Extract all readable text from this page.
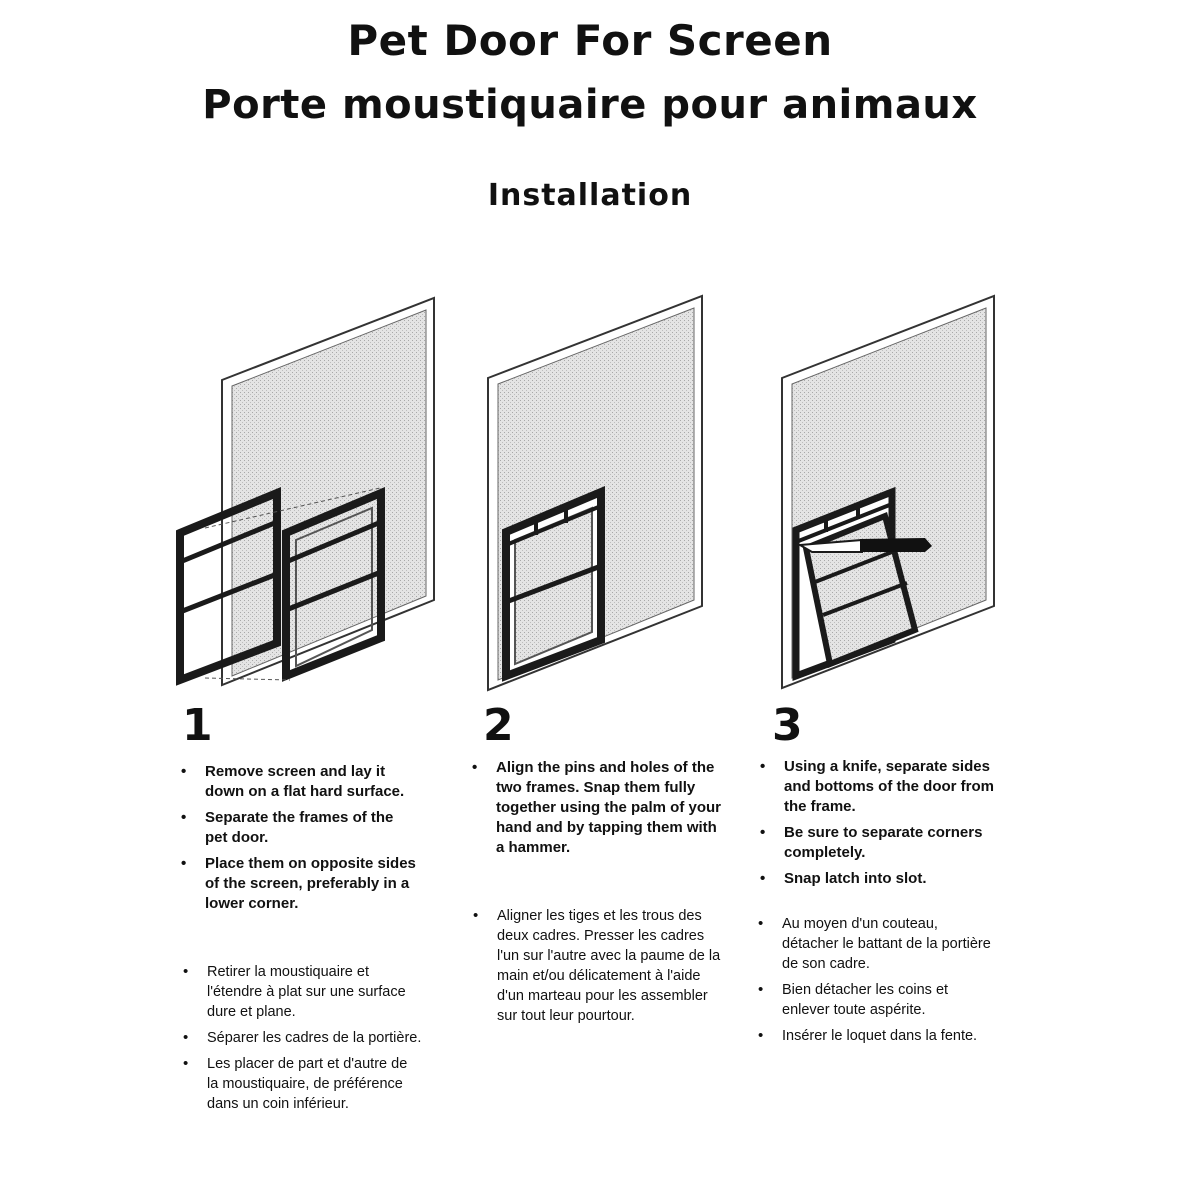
Pet Door For Screen
Porte moustiquaire pour animaux
Installation

1	2	3

• Remove screen and lay it down on a flat hard surface.
• Separate the frames of the pet door.
• Place them on opposite sides of the screen, preferably in a lower corner.
• Retirer la moustiquaire et l'étendre à plat sur une surface dure et plane.
• Séparer les cadres de la portière.
• Les placer de part et d'autre de la moustiquaire, de préférence dans un coin inférieur.
• Align the pins and holes of the two frames. Snap them fully together using the palm of your hand and by tapping them with a hammer.
• Aligner les tiges et les trous des deux cadres. Presser les cadres l'un sur l'autre avec la paume de la main et/ou délicatement à l'aide d'un marteau pour les assembler sur tout leur pourtour.
• Using a knife, separate sides and bottoms of the door from the frame.
• Be sure to separate corners completely.
• Snap latch into slot.
• Au moyen d'un couteau, détacher le battant de la portière de son cadre.
• Bien détacher les coins et enlever toute aspérite.
• Insérer le loquet dans la fente.
